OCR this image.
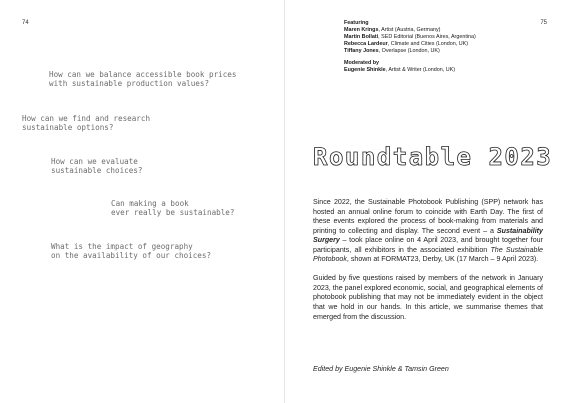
74
How can we balance accessible book prices
with sustainable production values?
How can we find and research
sustainable options?
How can we evaluate
sustainable choices?
Can making a book
ever really be sustainable?
What is the impact of geography
on the availability of our choices?
75
Featuring
Maren Krings, Artist (Austria, Germany)
Martín Bollati, SED Editorial (Buenos Aires, Argentina)
Rebecca Lardeur, Climate and Cities (London, UK)
Tiffany Jones, Overlapse (London, UK)
Moderated by
Eugenie Shinkle, Artist & Writer (London, UK)
Roundtable 2023

Since 2022, the Sustainable Photobook Publishing (SPP) network has hosted an annual online forum to coincide with Earth Day. The first of these events explored the process of book-making from materials and printing to collecting and display. The second event – a Sustainability Surgery – took place online on 4 April 2023, and brought together four participants, all exhibitors in the associated exhibition The Sustainable Photobook, shown at FORMAT23, Derby, UK (17 March – 9 April 2023).

Guided by five questions raised by members of the network in January 2023, the panel explored economic, social, and geographical elements of photobook publishing that may not be immediately evident in the object that we hold in our hands. In this article, we summarise themes that emerged from the discussion.

Edited by Eugenie Shinkle & Tamsin Green
